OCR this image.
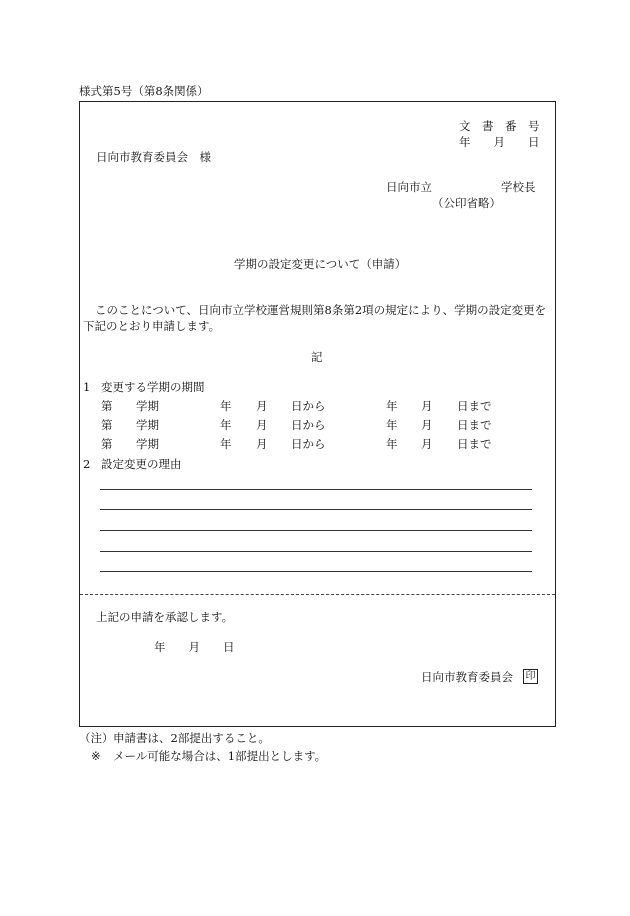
様式第5号（第8条関係）
文　書　番　号
年　　月　　日
日向市教育委員会　様
日向市立　　　　　　学校長
（公印省略）
学期の設定変更について（申請）
このことについて、日向市立学校運営規則第8条第2項の規定により、学期の設定変更を
下記のとおり申請します。
記
1 変更する学期の期間
第 学期	年 月 日から	年 月 日まで
第 学期	年 月 日から	年 月 日まで
第 学期	年 月 日から	年 月 日まで
2 設定変更の理由
上記の申請を承認します。
年　　月　　日
日向市教育委員会 印
（注） 申請書は、2部提出すること。
※ メール可能な場合は、1部提出とします。
